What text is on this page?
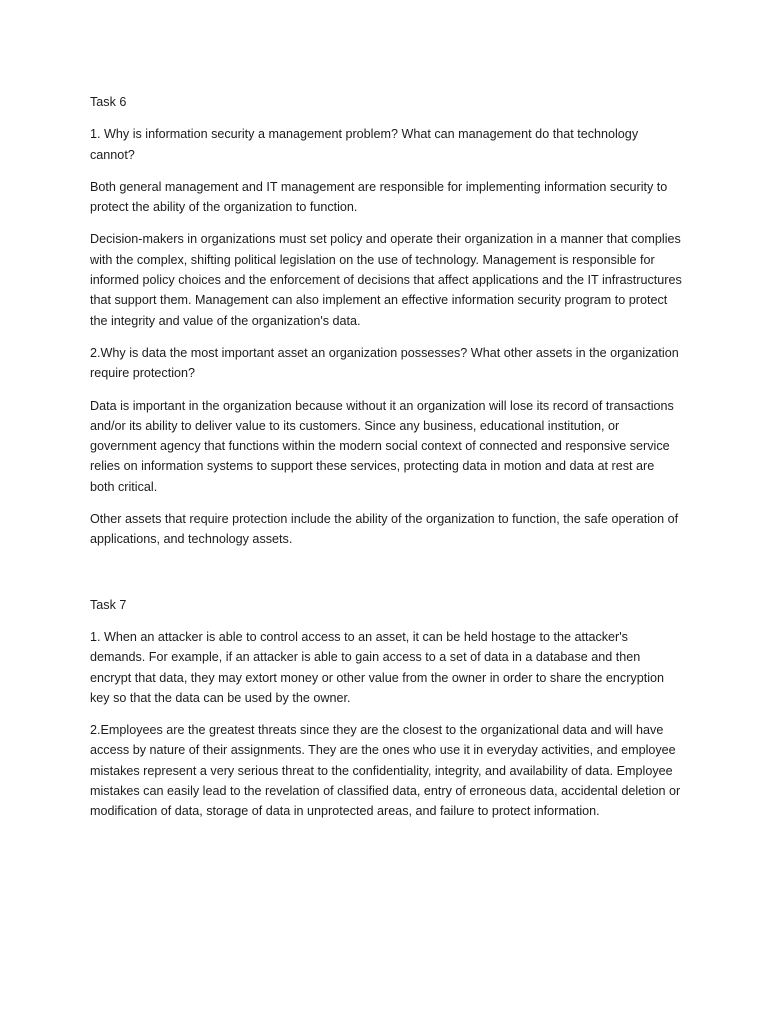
Task 6

1. Why is information security a management problem? What can management do that technology cannot?

Both general management and IT management are responsible for implementing information security to protect the ability of the organization to function.

Decision-makers in organizations must set policy and operate their organization in a manner that complies with the complex, shifting political legislation on the use of technology. Management is responsible for informed policy choices and the enforcement of decisions that affect applications and the IT infrastructures that support them. Management can also implement an effective information security program to protect the integrity and value of the organization's data.

2.Why is data the most important asset an organization possesses? What other assets in the organization require protection?

Data is important in the organization because without it an organization will lose its record of transactions and/or its ability to deliver value to its customers. Since any business, educational institution, or government agency that functions within the modern social context of connected and responsive service relies on information systems to support these services, protecting data in motion and data at rest are both critical.

Other assets that require protection include the ability of the organization to function, the safe operation of applications, and technology assets.

Task 7

1. When an attacker is able to control access to an asset, it can be held hostage to the attacker's demands. For example, if an attacker is able to gain access to a set of data in a database and then encrypt that data, they may extort money or other value from the owner in order to share the encryption key so that the data can be used by the owner.

2.Employees are the greatest threats since they are the closest to the organizational data and will have access by nature of their assignments. They are the ones who use it in everyday activities, and employee mistakes represent a very serious threat to the confidentiality, integrity, and availability of data. Employee mistakes can easily lead to the revelation of classified data, entry of erroneous data, accidental deletion or modification of data, storage of data in unprotected areas, and failure to protect information.
